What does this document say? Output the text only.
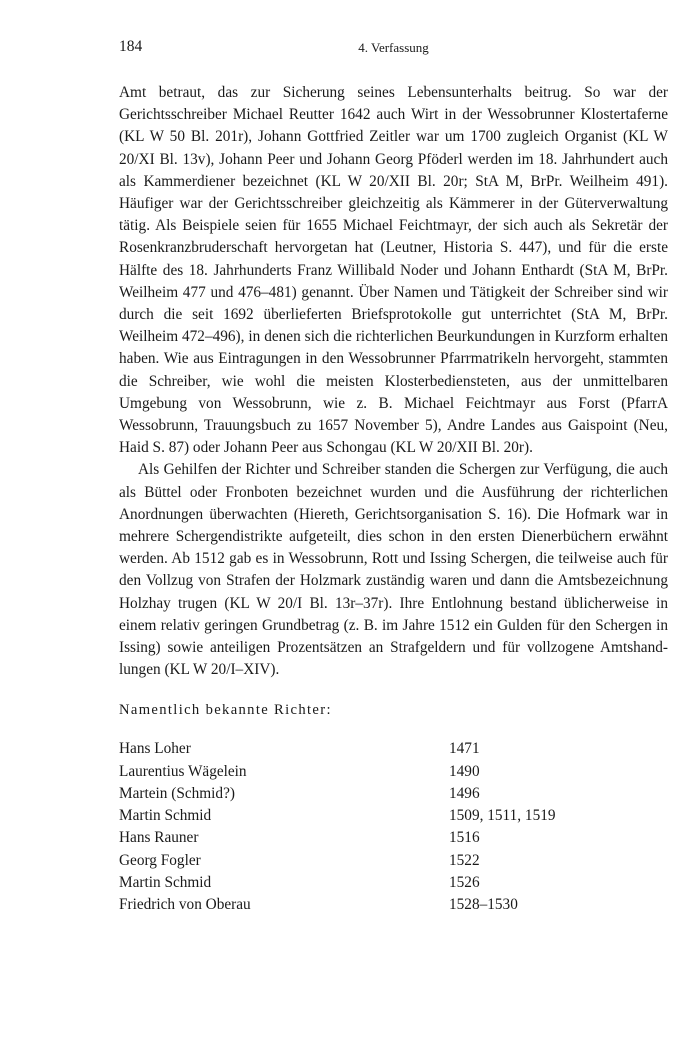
184	4. Verfassung

Amt betraut, das zur Sicherung seines Lebensunterhalts beitrug. So war der Gerichtsschreiber Michael Reutter 1642 auch Wirt in der Wessobrunner Klostertaferne (KL W 50 Bl. 201r), Johann Gottfried Zeitler war um 1700 zugleich Organist (KL W 20/XI Bl. 13v), Johann Peer und Johann Georg Pföderl werden im 18. Jahrhundert auch als Kammerdiener bezeichnet (KL W 20/XII Bl. 20r; StA M, BrPr. Weilheim 491). Häufiger war der Gerichtsschreiber gleichzeitig als Kämmerer in der Güterverwaltung tätig. Als Beispiele seien für 1655 Michael Feichtmayr, der sich auch als Sekretär der Rosenkranzbruderschaft hervorgetan hat (Leutner, Historia S. 447), und für die erste Hälfte des 18. Jahrhunderts Franz Willibald Noder und Johann Enthardt (StA M, BrPr. Weilheim 477 und 476–481) genannt. Über Namen und Tätigkeit der Schreiber sind wir durch die seit 1692 überlieferten Briefsprotokolle gut unterrichtet (StA M, BrPr. Weilheim 472–496), in denen sich die richterlichen Beurkundungen in Kurzform erhalten haben. Wie aus Eintragungen in den Wessobrunner Pfarrmatrikeln hervorgeht, stammten die Schreiber, wie wohl die meisten Klosterbediensteten, aus der unmittelbaren Umgebung von Wessobrunn, wie z. B. Michael Feichtmayr aus Forst (PfarrA Wessobrunn, Trauungsbuch zu 1657 November 5), Andre Landes aus Gaispoint (Neu, Haid S. 87) oder Johann Peer aus Schongau (KL W 20/XII Bl. 20r).

Als Gehilfen der Richter und Schreiber standen die Schergen zur Verfügung, die auch als Büttel oder Fronboten bezeichnet wurden und die Ausführung der richterlichen Anordnungen überwachten (Hiereth, Gerichtsorganisation S. 16). Die Hofmark war in mehrere Schergendistrikte aufgeteilt, dies schon in den ersten Dienerbüchern erwähnt werden. Ab 1512 gab es in Wessobrunn, Rott und Issing Schergen, die teilweise auch für den Vollzug von Strafen der Holzmark zuständig waren und dann die Amtsbezeichnung Holzhay trugen (KL W 20/I Bl. 13r–37r). Ihre Entlohnung bestand üblicherweise in einem relativ geringen Grundbetrag (z. B. im Jahre 1512 ein Gulden für den Schergen in Issing) sowie anteiligen Prozentsätzen an Strafgeldern und für vollzogene Amtshandlungen (KL W 20/I–XIV).

Namentlich bekannte Richter:
Hans Loher	1471
Laurentius Wägelein	1490
Martein (Schmid?)	1496
Martin Schmid	1509, 1511, 1519
Hans Rauner	1516
Georg Fogler	1522
Martin Schmid	1526
Friedrich von Oberau	1528–1530
